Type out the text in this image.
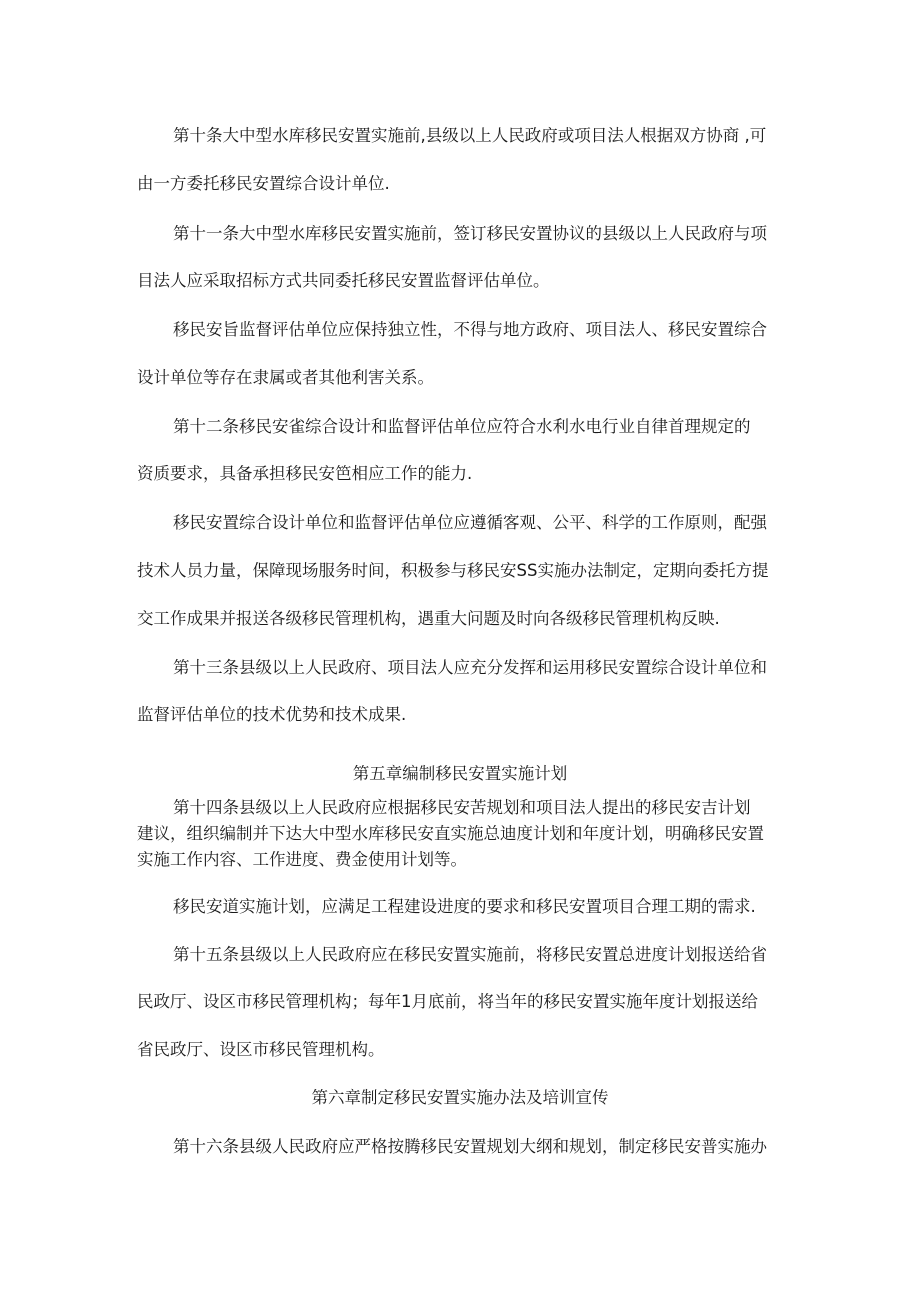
第十条大中型水库移民安置实施前,县级以上人民政府或项目法人根据双方协商 ,可
由一方委托移民安置综合设计单位.
第十一条大中型水库移民安置实施前，签订移民安置协议的县级以上人民政府与项
目法人应采取招标方式共同委托移民安置监督评估单位。
移民安旨监督评估单位应保持独立性，不得与地方政府、项目法人、移民安置综合
设计单位等存在隶属或者其他利害关系。
第十二条移民安雀综合设计和监督评估单位应符合水利水电行业自律首理规定的
资质要求，具备承担移民安笆相应工作的能力.
移民安置综合设计单位和监督评估单位应遵循客观、公平、科学的工作原则，配强
技术人员力量，保障现场服务时间，积极参与移民安SS实施办法制定，定期向委托方提
交工作成果并报送各级移民管理机构，遇重大问题及时向各级移民管理机构反映.
第十三条县级以上人民政府、项目法人应充分发挥和运用移民安置综合设计单位和
监督评估单位的技术优势和技术成果.
第五章编制移民安置实施计划
第十四条县级以上人民政府应根据移民安苦规划和项目法人提出的移民安吉计划
建议，组织编制并下达大中型水库移民安直实施总迪度计划和年度计划，明确移民安置
实施工作内容、工作进度、费金使用计划等。
移民安道实施计划，应满足工程建设进度的要求和移民安置项目合理工期的需求.
第十五条县级以上人民政府应在移民安置实施前，将移民安置总进度计划报送给省
民政厅、设区市移民管理机构；每年1月底前，将当年的移民安置实施年度计划报送给
省民政厅、设区市移民管理机构。
第六章制定移民安置实施办法及培训宣传
第十六条县级人民政府应严格按腾移民安置规划大纲和规划，制定移民安普实施办
